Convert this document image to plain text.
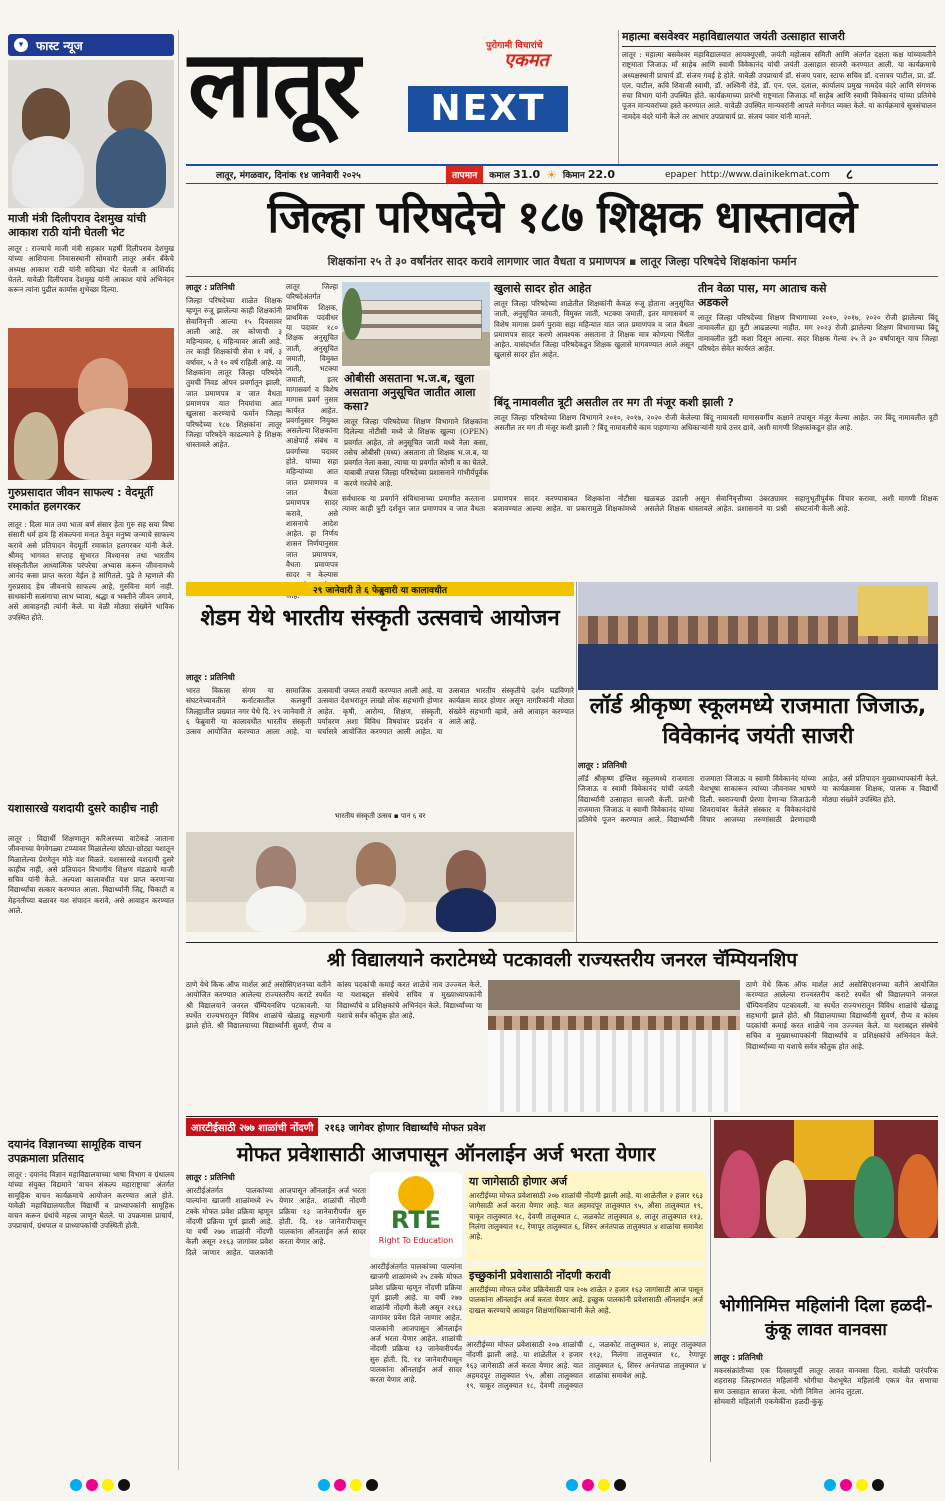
▾	फास्ट न्यूज
माजी मंत्री दिलीपराव देशमुख यांची आकाश राठी यांनी घेतली भेट
लातूर : राज्याचे माजी मंत्री सहकार महर्षी दिलीपराव देशमुख यांच्या आशियाना निवासस्थानी सोमवारी लातूर अर्बन बँकेचे अध्यक्ष आकाश राठी यांनी सदिच्छा भेट घेतली व आशिर्वाद घेतले. यावेळी दिलीपराव देशमुख यांनी आकाश यांचे अभिनंदन करून त्यांना पुढील कार्यास शुभेच्छा दिल्या.
गुरुप्रसादात जीवन साफल्य : वेदमूर्ती रमाकांत हलगरकर
लातूर : दिला मात तया भाता बर्ण संसार हेता गुरु सह सया विषा संसारी धर्म हाय हि संकल्पना मनात ठेवून मनुष्य जन्माचे साफल्य करावे असे प्रतिपादन वेदमूर्ती रमाकांत हलगरकर यांनी केले. श्रीमद् भागवत सप्ताह सुभारत विश्वानस तथा भारतीय संस्कृतीतील आध्यात्मिक परंपरेचा अभ्यास करून जीवनामध्ये आनंद कसा प्राप्त करता येईल हे सांगितले. पुढे ते म्हणाले की गुरुप्रसाद हेच जीवनाचे साफल्य आहे, गुरुविना मार्ग नाही. साधकांनी सत्संगाचा लाभ घ्यावा, श्रद्धा व भक्तीने जीवन जगावे, असे आवाहनही त्यांनी केले. या वेळी मोठ्या संख्येने भाविक उपस्थित होते.
यशासारखे यशदायी दुसरे काहीच नाही
लातूर : विद्यार्थी शिक्षणातून करिअरच्या वाटेकडे जाताना जीवनाच्या वेगवेगळ्या टप्प्यावर मिळालेल्या छोट्या-छोट्या यशातून मिळालेल्या प्रेरणेतून मोठे यश मिळते. यशासारखे यशदायी दुसरे काहीच नाही, असे प्रतिपादन विभागीय शिक्षण मंडळाचे माजी सचिव यांनी केले. अल्पशा कालावधीत यश प्राप्त करणाऱ्या विद्यार्थ्यांचा सत्कार करण्यात आला. विद्यार्थ्यांनी जिद्द, चिकाटी व मेहनतीच्या बळावर यश संपादन करावे, असे आवाहन करण्यात आले.
दयानंद विज्ञानच्या सामूहिक वाचन उपक्रमाला प्रतिसाद
लातूर : दयानंद विज्ञान महाविद्यालयाच्या भाषा विभाग व ग्रंथालय यांच्या संयुक्त विद्यमाने 'वाचन संकल्प महाराष्ट्राचा' अंतर्गत सामूहिक वाचन कार्यक्रमाचे आयोजन करण्यात आले होते. यावेळी महाविद्यालयातील विद्यार्थी व प्राध्यापकांनी सामूहिक वाचन करून ग्रंथांचे महत्त्व जाणून घेतले. या उपक्रमास प्राचार्य, उपप्राचार्य, ग्रंथपाल व प्राध्यापकांची उपस्थिती होती.
लातूर	पुरोगामी विचारांचे
एकमत
NEXT
महात्मा बसवेश्वर महाविद्यालयात जयंती उत्साहात साजरी
लातूर : महात्मा बसवेश्वर महाविद्यालयात आयक्यूएसी, जयंती महोत्सव समिती आणि अंतर्गत दक्षता कक्ष यांच्यावतीने राष्ट्रमाता जिजाऊ माँ साहेब आणि स्वामी विवेकानंद यांची जयंती उत्साहात साजरी करण्यात आली. या कार्यक्रमाचे अध्यक्षस्थानी प्राचार्य डॉ. संजय गवई हे होते. यावेळी उपप्राचार्य डॉ. संजय पवार, स्टाफ सचिव डॉ. दत्तात्रय पाटील, प्रा. डॉ. एल. पाटील, कवि शिवाजी स्वामी, डॉ. अश्विनी रोडे, डॉ. एन. एल. दलाल, कार्यालय प्रमुख नामदेव वंदरे आणि संगणक रुचा विभाग यांनी उपस्थित होते. कार्यक्रमाच्या प्रारंभी राष्ट्रमाता जिजाऊ माँ साहेब आणि स्वामी विवेकानंद यांच्या प्रतिमेचे पूजन मान्यवरांच्या हस्ते करण्यात आले. यावेळी उपस्थित मान्यवरांनी आपले मनोगत व्यक्त केले. या कार्यक्रमाचे सूत्रसंचालन नामदेव वंदरे यांनी केले तर आभार उपप्राचार्य प्रा. संजय पवार यांनी मानले.
लातूर, मंगळवार, दिनांक १४ जानेवारी २०२५	तापमान	कमाल 31.0 ☀ किमान 22.0	epaper http://www.dainikekmat.com ८
जिल्हा परिषदेचे १८७ शिक्षक धास्तावले
शिक्षकांना २५ ते ३० वर्षांनंतर सादर करावे लागणार जात वैधता व प्रमाणपत्र ▪ लातूर जिल्हा परिषदेचे शिक्षकांना फर्मान
लातूर : प्रतिनिधी
जिल्हा परिषदेच्या शाळेत शिक्षक म्हणून रुजू झालेल्या काही शिक्षकांनी सेवानिवृत्ती आल्या १५ दिवसावर आली आहे. तर कोणाची ३ महिन्यावर, ६ महिन्यावर आली आहे. तर काही शिक्षकांची सेवा १ वर्ष, ३ वर्षावर, ५ ते १० वर्ष राहिली आहे. या शिक्षकांना लातूर जिल्हा परिषदेने तुमची निवड ओपन प्रवर्गातून झाली, जात प्रमाणपत्र व जात वैधता प्रमाणपत्र यात नियमांचा आत खुलासा करण्याचे फर्मान जिल्हा परिषदेच्या १८७ शिक्षकांना लातूर जिल्हा परिषदेने काढल्याने हे शिक्षक धास्तावले आहेत.
लातूर जिल्हा परिषदेअंतर्गत प्राथमिक शिक्षक, प्राथमिक पदवीधर या पदावर १८० शिक्षक अनुसूचित जाती, अनुसूचित जमाती, विमुक्त जाती, भटक्या जमाती, इतर मागासवर्ग व विशेष मागास प्रवर्ग नुसार कार्यरत आहेत. प्रवर्गानुसार नियुक्त असलेल्या शिक्षकांना आक्षेपार्ह संबंध व प्रवर्गाच्या पदावर होते. यांच्या सहा महिन्यांच्या आत जात प्रमाणपत्र व जात वैधता प्रमाणपत्र सादर करावे, असे शासनाचे आदेश आहेत. हा निर्णय शासन निर्णयानुसार जात प्रमाणपत्र, वैधता प्रमाणपत्र सादर न केल्यास
ओबीसी असताना भ.ज.ब, खुला असताना अनुसूचित जातीत आला कसा?
लातूर जिल्हा परिषदेच्या शिक्षण विभागाने शिक्षकांना दिलेल्या नोटीसी मध्ये जे शिक्षक खुल्या (OPEN) प्रवर्गात आहेत, तो अनुसूचित जाती मध्ये नेला कसा, तसेच ओबीसी (मध्य) असताना तो शिक्षक भ.ज.ब, या प्रवर्गात नेला कसा, त्याचा या प्रवर्गात कोणी व का घेतले. याबाबी तपास जिल्हा परिषदेच्या प्रशासनाने गांभीर्यपूर्वक करणे गरजेचे आहे.
खुलासे सादर होत आहेत
लातूर जिल्हा परिषदेच्या शाळेतील शिक्षकांनी केवळ रुजू होताना अनुसूचित जाती, अनुसूचित जमाती, विमुक्त जाती, भटक्या जमाती, इतर मागासवर्ग व विशेष मागास प्रवर्ग पुरावा सहा महिन्यात यात जात प्रमाणपत्र व जात वैधता प्रमाणपत्र सादर करणे आवश्यक असताना ते शिक्षक मात्र कोणत्या भिंतीत आहेत. यासंदर्भात जिल्हा परिषदेकडून शिक्षक खुलासे मागवण्यात आले असून खुलासे सादर होत आहेत.
तीन वेळा पास, मग आताच कसे अडकले
लातूर जिल्हा परिषदेच्या शिक्षण विभागाच्या २०१०, २०१७, २०२० रोजी झालेल्या बिंदू नामावलीत ह्या त्रुटी आढळल्या नाहीत. मग २०२३ रोजी झालेल्या शिक्षण विभागाच्या बिंदू नामावलीत त्रुटी कशा दिसून आल्या. सदर शिक्षक गेल्या २५ ते ३० वर्षांपासून याच जिल्हा परिषदेत सेवेत कार्यरत आहेत.
बिंदू नामावलीत त्रूटी असतील तर मग ती मंजूर कशी झाली ?
लातूर जिल्हा परिषदेच्या शिक्षण विभागाने २०१०, २०१७, २०२० रोजी केलेल्या बिंदू नामावली मागासवर्गीय कक्षाने तपासून मंजूर केल्या आहेत. जर बिंदू नामावलीत त्रूटी असतील तर मग ती मंजूर कशी झाली ? बिंदू नामावलीचे काम पाहणाऱ्या अधिकाऱ्यांनी याचे उत्तर द्यावे, अशी मागणी शिक्षकांकडून होत आहे.
सर्वधारक या प्रवर्गाने संविधानाच्या प्रमाणीत करताना त्यावर काही त्रुटी दर्शवून जात प्रमाणपत्र व जात वैधता प्रमाणपत्र सादर करण्याबाबत शिक्षकांना नोटीसा बजावण्यात आल्या आहेत. या प्रकारामुळे शिक्षकांमध्ये खळबळ उडाली असून सेवानिवृत्तीच्या उंबरठ्यावर असलेले शिक्षक धास्तावले आहेत. प्रशासनाने या प्रश्नी सहानुभूतीपूर्वक विचार करावा, अशी मागणी शिक्षक संघटनांनी केली आहे.
२९ जानेवारी ते ६ फेब्रुवारी या कालावधीत
शेडम येथे भारतीय संस्कृती उत्सवाचे आयोजन
लातूर : प्रतिनिधी
भारत विकास संगम या सामाजिक संघटनेच्यावतीने कर्नाटकातील कलबुर्गी जिल्ह्यातील प्रख्यात नगर येथे दि. २९ जानेवारी ते ६ फेब्रुवारी या कालावधीत भारतीय संस्कृती उत्सव आयोजित करण्यात आला आहे. या उत्सवाची जय्यत तयारी करण्यात आली आहे. या उत्सवात देशभरातून लाखो लोक सहभागी होणार आहेत. कृषी, आरोग्य, शिक्षण, संस्कृती, पर्यावरण अशा विविध विषयांवर प्रदर्शन व चर्चासत्रे आयोजित करण्यात आली आहेत. या उत्सवात भारतीय संस्कृतीचे दर्शन घडविणारे कार्यक्रम सादर होणार असून नागरिकांनी मोठ्या संख्येने सहभागी व्हावे, असे आवाहन करण्यात आले आहे.
भारतीय संस्कृती उत्सव ▪ पान ६ वर
लॉर्ड श्रीकृष्ण स्कूलमध्ये राजमाता जिजाऊ, विवेकानंद जयंती साजरी
लातूर : प्रतिनिधी
लॉर्ड श्रीकृष्ण इंग्लिश स्कूलमध्ये राजमाता जिजाऊ व स्वामी विवेकानंद यांची जयंती विद्यार्थ्यांनी उत्साहात साजरी केली. प्रारंभी राजमाता जिजाऊ व स्वामी विवेकानंद यांच्या प्रतिमेचे पूजन करण्यात आले. विद्यार्थ्यांनी राजमाता जिजाऊ व स्वामी विवेकानंद यांच्या वेशभूषा साकारून त्यांच्या जीवनावर भाषणे दिली. स्वराज्याची प्रेरणा देणाऱ्या जिजाऊंनी शिवरायांवर केलेले संस्कार व विवेकानंदांचे विचार आजच्या तरुणांसाठी प्रेरणादायी आहेत, असे प्रतिपादन मुख्याध्यापकांनी केले. या कार्यक्रमास शिक्षक, पालक व विद्यार्थी मोठ्या संख्येने उपस्थित होते.
श्री विद्यालयाने कराटेमध्ये पटकावली राज्यस्तरीय जनरल चॅम्पियनशिप
ठाणे येथे किक ऑफ मार्शल आर्ट असोसिएशनच्या वतीने आयोजित करण्यात आलेल्या राज्यस्तरीय कराटे स्पर्धेत श्री विद्यालयाने जनरल चॅम्पियनशिप पटकावली. या स्पर्धेत राज्यभरातून विविध शाळांचे खेळाडू सहभागी झाले होते. श्री विद्यालयाच्या विद्यार्थ्यांनी सुवर्ण, रौप्य व कांस्य पदकांची कमाई करत शाळेचे नाव उज्ज्वल केले. या यशाबद्दल संस्थेचे सचिव व मुख्याध्यापकांनी विद्यार्थ्यांचे व प्रशिक्षकांचे अभिनंदन केले. विद्यार्थ्यांच्या या यशाचे सर्वत्र कौतुक होत आहे.
ठाणे येथे किक ऑफ मार्शल आर्ट असोसिएशनच्या वतीने आयोजित करण्यात आलेल्या राज्यस्तरीय कराटे स्पर्धेत श्री विद्यालयाने जनरल चॅम्पियनशिप पटकावली. या स्पर्धेत राज्यभरातून विविध शाळांचे खेळाडू सहभागी झाले होते. श्री विद्यालयाच्या विद्यार्थ्यांनी सुवर्ण, रौप्य व कांस्य पदकांची कमाई करत शाळेचे नाव उज्ज्वल केले. या यशाबद्दल संस्थेचे सचिव व मुख्याध्यापकांनी विद्यार्थ्यांचे व प्रशिक्षकांचे अभिनंदन केले. विद्यार्थ्यांच्या या यशाचे सर्वत्र कौतुक होत आहे.
आरटीईसाठी २७७ शाळांची नोंदणी	२१६३ जागेवर होणार विद्यार्थ्यांचे मोफत प्रवेश
मोफत प्रवेशासाठी आजपासून ऑनलाईन अर्ज भरता येणार
लातूर : प्रतिनिधी
आरटीईअंतर्गत पालकांच्या पाल्यांना खाजगी शाळांमध्ये २५ टक्के मोफत प्रवेश प्रक्रिया म्हणून नोंदणी प्रक्रिया पूर्ण झाली आहे. या वर्षी २७७ शाळांनी नोंदणी केली असून २१६३ जागांवर प्रवेश दिले जाणार आहेत. पालकांनी आजपासून ऑनलाईन अर्ज भरता येणार आहेत. शाळांची नोंदणी प्रक्रिया १३ जानेवारीपर्यंत सुरु होती. दि. १४ जानेवारीपासून पालकांना ऑनलाईन अर्ज सादर करता येणार आहे.
RTE
Right To Education
या जागेसाठी होणार अर्ज
आरटीईच्या मोफत प्रवेशासाठी २०७ शाळांची नोंदणी झाली आहे. या शाळेतील २ हजार १६३ जागेसाठी अर्ज करता येणार आहे. यात अहमदपूर तालुक्यात ९५, औसा तालुक्यात १९, चाकूर तालुक्यात १८, देवणी तालुक्यात ८, जळकोट तालुक्यात ४, लातूर तालुक्यात ११३, निलंगा तालुक्यात १८, रेणापूर तालुक्यात ६, शिरुर अनंतपाळ तालुक्यात ४ शाळांचा समावेश आहे.
आरटीईअंतर्गत पालकांच्या पाल्यांना खाजगी शाळांमध्ये २५ टक्के मोफत प्रवेश प्रक्रिया म्हणून नोंदणी प्रक्रिया पूर्ण झाली आहे. या वर्षी २७७ शाळांनी नोंदणी केली असून २१६३ जागांवर प्रवेश दिले जाणार आहेत. पालकांनी आजपासून ऑनलाईन अर्ज भरता येणार आहेत. शाळांची नोंदणी प्रक्रिया १३ जानेवारीपर्यंत सुरु होती. दि. १४ जानेवारीपासून पालकांना ऑनलाईन अर्ज सादर करता येणार आहे.
इच्छुकांनी प्रवेशासाठी नोंदणी करावी
आरटीईच्या मोफत प्रवेश प्रक्रियेसाठी पात्र २०७ शाळेत २ हजार १६३ जागांसाठी आज पासून पालकांना ऑनलाईन अर्ज करता येणार आहे. इच्छुक पालकांनी प्रवेशासाठी ऑनलाईन अर्ज दाखल करण्याचे आवाहन शिक्षणाधिकाऱ्यांनी केले आहे.
आरटीईच्या मोफत प्रवेशासाठी २०७ शाळांची नोंदणी झाली आहे. या शाळेतील २ हजार १६३ जागेसाठी अर्ज करता येणार आहे. यात अहमदपूर तालुक्यात ९५, औसा तालुक्यात १९, चाकूर तालुक्यात १८, देवणी तालुक्यात ८, जळकोट तालुक्यात ४, लातूर तालुक्यात ११३, निलंगा तालुक्यात १८, रेणापूर तालुक्यात ६, शिरुर अनंतपाळ तालुक्यात ४ शाळांचा समावेश आहे.
भोगीनिमित्त महिलांनी दिला हळदी-कुंकू लावत वानवसा
लातूर : प्रतिनिधी
मकरसंक्रांतीच्या एक दिवसापूर्वी लातूर शहरासह जिल्हाभरात महिलांनी भोगीचा सण उत्साहात साजरा केला. भोगी निमित्त सोमवारी महिलांनी एकमेकींना हळदी-कुंकू लावत वानवसा दिला. यावेळी पारंपरिक वेशभूषेत महिलांनी एकत्र येत सणाचा आनंद लुटला.
